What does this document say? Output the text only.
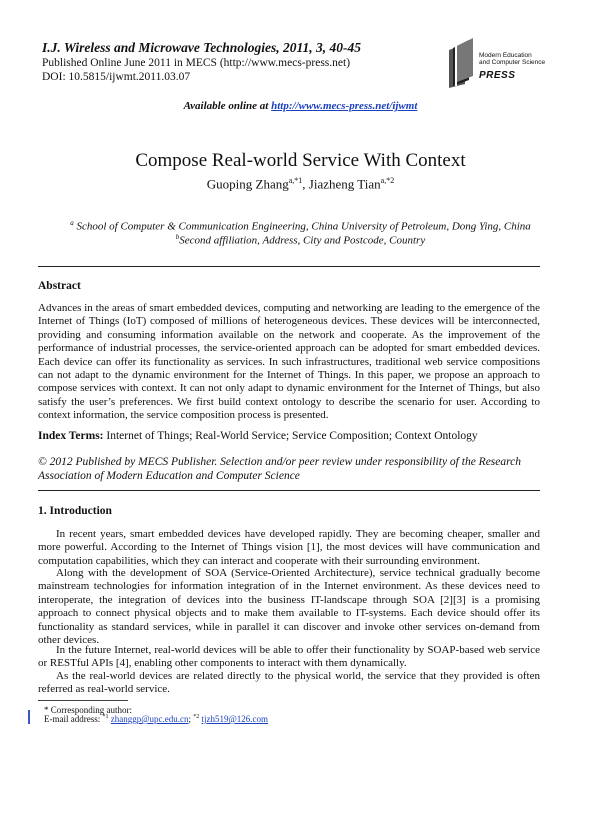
I.J. Wireless and Microwave Technologies, 2011, 3, 40-45
Published Online June 2011 in MECS (http://www.mecs-press.net)
DOI: 10.5815/ijwmt.2011.03.07
Modern Education
and Computer Science
PRESS
Available online at http://www.mecs-press.net/ijwmt
Compose Real-world Service With Context
Guoping Zhang$^{a,*1}$, Jiazheng Tian$^{a,*2}$
$^a$ School of Computer & Communication Engineering, China University of Petroleum, Dong Ying, China
$^b$Second affiliation, Address, City and Postcode, Country
Abstract
Advances in the areas of smart embedded devices, computing and networking are leading to the emergence of the Internet of Things (IoT) composed of millions of heterogeneous devices. These devices will be interconnected, providing and consuming information available on the network and cooperate. As the improvement of the performance of industrial processes, the service-oriented approach can be adopted for smart embedded devices. Each device can offer its functionality as services. In such infrastructures, traditional web service compositions can not adapt to the dynamic environment for the Internet of Things. In this paper, we propose an approach to compose services with context. It can not only adapt to dynamic environment for the Internet of Things, but also satisfy the user’s preferences. We first build context ontology to describe the scenario for user. According to context information, the service composition process is presented.
Index Terms: Internet of Things; Real-World Service; Service Composition; Context Ontology
© 2012 Published by MECS Publisher. Selection and/or peer review under responsibility of the Research Association of Modern Education and Computer Science
1. Introduction
In recent years, smart embedded devices have developed rapidly. They are becoming cheaper, smaller and more powerful. According to the Internet of Things vision [1], the most devices will have communication and computation capabilities, which they can interact and cooperate with their surrounding environment.
Along with the development of SOA (Service-Oriented Architecture), service technical gradually become mainstream technologies for information integration of in the Internet environment. As these devices need to interoperate, the integration of devices into the business IT-landscape through SOA [2][3] is a promising approach to connect physical objects and to make them available to IT-systems. Each device should offer its functionality as standard services, while in parallel it can discover and invoke other services on-demand from other devices.
In the future Internet, real-world devices will be able to offer their functionality by SOAP-based web service or RESTful APIs [4], enabling other components to interact with them dynamically.
As the real-world devices are related directly to the physical world, the service that they provided is often referred as real-world service.
* Corresponding author:
E-mail address: $^{*1}$ zhanggp@upc.edu.cn; $^{*2}$ tjzh519@126.com
